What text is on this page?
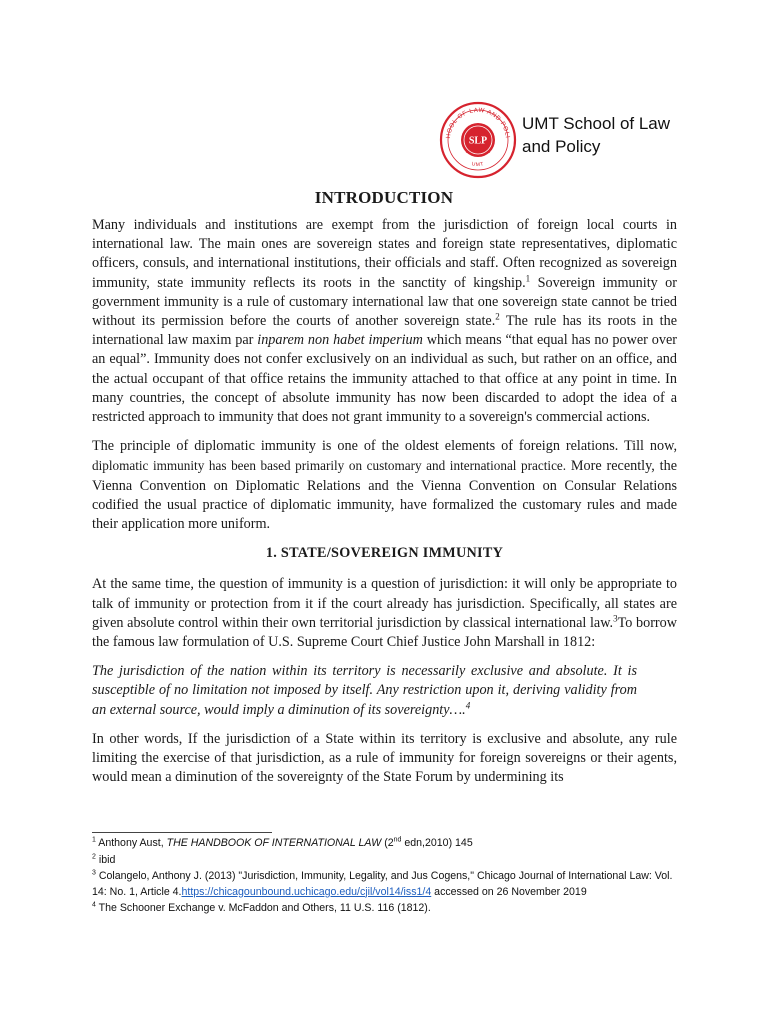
HOOL OF LAW AND POLI
UMT
SLP
UMT School of Law
and Policy
INTRODUCTION

Many individuals and institutions are exempt from the jurisdiction of foreign local courts in international law. The main ones are sovereign states and foreign state representatives, diplomatic officers, consuls, and international institutions, their officials and staff. Often recognized as sovereign immunity, state immunity reflects its roots in the sanctity of kingship.$^1$ Sovereign immunity or government immunity is a rule of customary international law that one sovereign state cannot be tried without its permission before the courts of another sovereign state.$^2$ The rule has its roots in the international law maxim par inparem non habet imperium which means “that equal has no power over an equal”. Immunity does not confer exclusively on an individual as such, but rather on an office, and the actual occupant of that office retains the immunity attached to that office at any point in time. In many countries, the concept of absolute immunity has now been discarded to adopt the idea of a restricted approach to immunity that does not grant immunity to a sovereign's commercial actions.

The principle of diplomatic immunity is one of the oldest elements of foreign relations. Till now, diplomatic immunity has been based primarily on customary and international practice. More recently, the Vienna Convention on Diplomatic Relations and the Vienna Convention on Consular Relations codified the usual practice of diplomatic immunity, have formalized the customary rules and made their application more uniform.

1. STATE/SOVEREIGN IMMUNITY

At the same time, the question of immunity is a question of jurisdiction: it will only be appropriate to talk of immunity or protection from it if the court already has jurisdiction. Specifically, all states are given absolute control within their own territorial jurisdiction by classical international law.$^3$To borrow the famous law formulation of U.S. Supreme Court Chief Justice John Marshall in 1812:

The jurisdiction of the nation within its territory is necessarily exclusive and absolute. It is susceptible of no limitation not imposed by itself. Any restriction upon it, deriving validity from an external source, would imply a diminution of its sovereignty….$^4$

In other words, If the jurisdiction of a State within its territory is exclusive and absolute, any rule limiting the exercise of that jurisdiction, as a rule of immunity for foreign sovereigns or their agents, would mean a diminution of the sovereignty of the State Forum by undermining its

$^1$ Anthony Aust, THE HANDBOOK OF INTERNATIONAL LAW (2nd edn,2010) 145
$^2$ ibid
$^3$ Colangelo, Anthony J. (2013) "Jurisdiction, Immunity, Legality, and Jus Cogens," Chicago Journal of International Law: Vol. 14: No. 1, Article 4.https://chicagounbound.uchicago.edu/cjil/vol14/iss1/4 accessed on 26 November 2019
$^4$ The Schooner Exchange v. McFaddon and Others, 11 U.S. 116 (1812).
